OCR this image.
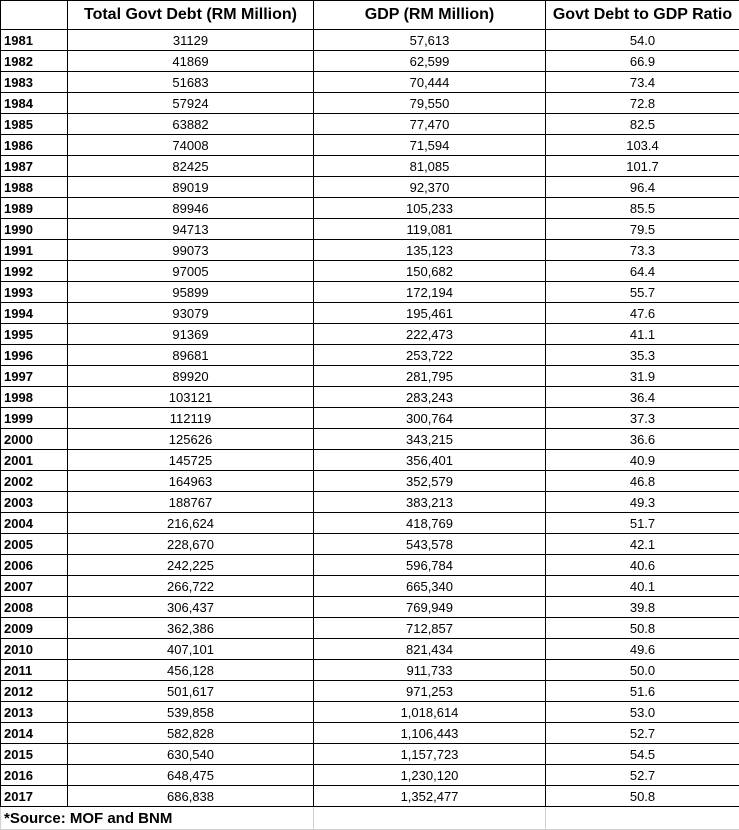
	Total Govt Debt (RM Million)	GDP (RM Million)	Govt Debt to GDP Ratio
1981	31129	57,613	54.0
1982	41869	62,599	66.9
1983	51683	70,444	73.4
1984	57924	79,550	72.8
1985	63882	77,470	82.5
1986	74008	71,594	103.4
1987	82425	81,085	101.7
1988	89019	92,370	96.4
1989	89946	105,233	85.5
1990	94713	119,081	79.5
1991	99073	135,123	73.3
1992	97005	150,682	64.4
1993	95899	172,194	55.7
1994	93079	195,461	47.6
1995	91369	222,473	41.1
1996	89681	253,722	35.3
1997	89920	281,795	31.9
1998	103121	283,243	36.4
1999	112119	300,764	37.3
2000	125626	343,215	36.6
2001	145725	356,401	40.9
2002	164963	352,579	46.8
2003	188767	383,213	49.3
2004	216,624	418,769	51.7
2005	228,670	543,578	42.1
2006	242,225	596,784	40.6
2007	266,722	665,340	40.1
2008	306,437	769,949	39.8
2009	362,386	712,857	50.8
2010	407,101	821,434	49.6
2011	456,128	911,733	50.0
2012	501,617	971,253	51.6
2013	539,858	1,018,614	53.0
2014	582,828	1,106,443	52.7
2015	630,540	1,157,723	54.5
2016	648,475	1,230,120	52.7
2017	686,838	1,352,477	50.8
*Source: MOF and BNM			
